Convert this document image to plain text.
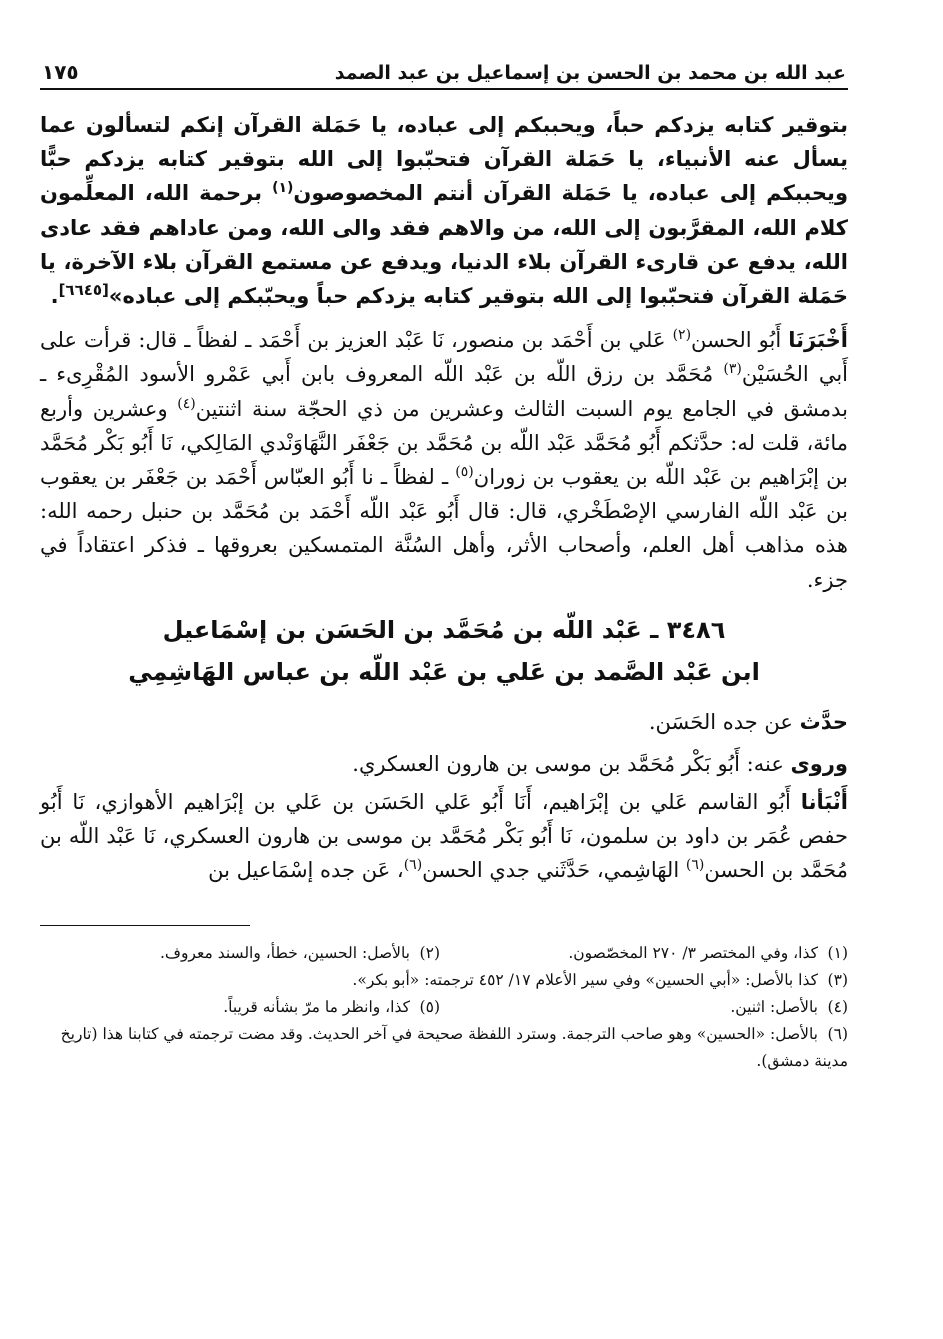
عبد الله بن محمد بن الحسن بن إسماعيل بن عبد الصمد
١٧٥

بتوقير كتابه يزدكم حباً، ويحببكم إلى عباده، يا حَمَلة القرآن إنكم لتسألون عما يسأل عنه الأنبياء، يا حَمَلة القرآن فتحبّبوا إلى الله بتوقير كتابه يزدكم حبًّا ويحببكم إلى عباده، يا حَمَلة القرآن أنتم المخصوصون$^{(١)}$ برحمة الله، المعلِّمون كلام الله، المقرَّبون إلى الله، من والاهم فقد والى الله، ومن عاداهم فقد عادى الله، يدفع عن قارىء القرآن بلاء الدنيا، ويدفع عن مستمع القرآن بلاء الآخرة، يا حَمَلة القرآن فتحبّبوا إلى الله بتوقير كتابه يزدكم حباً ويحبّبكم إلى عباده»[٦٦٤٥].

أَخْبَرَنَا أَبُو الحسن$^{(٢)}$ عَلي بن أَحْمَد بن منصور، نَا عَبْد العزيز بن أَحْمَد ـ لفظاً ـ قال: قرأت على أَبي الحُسَيْن$^{(٣)}$ مُحَمَّد بن رزق اللّه بن عَبْد اللّه المعروف بابن أَبي عَمْرو الأسود المُقْرِىء ـ بدمشق في الجامع يوم السبت الثالث وعشرين من ذي الحجّة سنة اثنتين$^{(٤)}$ وعشرين وأربع مائة، قلت له: حدَّثكم أَبُو مُحَمَّد عَبْد اللّه بن مُحَمَّد بن جَعْفَر النَّهَاوَنْدي المَالِكي، نَا أَبُو بَكْر مُحَمَّد بن إبْرَاهيم بن عَبْد اللّه بن يعقوب بن زوران$^{(٥)}$ ـ لفظاً ـ نا أَبُو العبّاس أَحْمَد بن جَعْفَر بن يعقوب بن عَبْد اللّه الفارسي الإصْطَخْري، قال: قال أَبُو عَبْد اللّه أَحْمَد بن مُحَمَّد بن حنبل رحمه الله: هذه مذاهب أهل العلم، وأصحاب الأثر، وأهل السُنَّة المتمسكين بعروقها ـ فذكر اعتقاداً في جزء.

٣٤٨٦ ـ عَبْد اللّه بن مُحَمَّد بن الحَسَن بن إسْمَاعيل
ابن عَبْد الصَّمد بن عَلي بن عَبْد اللّه بن عباس الهَاشِمِي

حدَّث عن جده الحَسَن.

وروى عنه: أَبُو بَكْر مُحَمَّد بن موسى بن هارون العسكري.

أَنْبَأنا أَبُو القاسم عَلي بن إبْرَاهيم، أَنَا أَبُو عَلي الحَسَن بن عَلي بن إبْرَاهيم الأهوازي، نَا أَبُو حفص عُمَر بن داود بن سلمون، نَا أَبُو بَكْر مُحَمَّد بن موسى بن هارون العسكري، نَا عَبْد اللّه بن مُحَمَّد بن الحسن$^{(٦)}$ الهَاشِمي، حَدَّثَني جدي الحسن$^{(٦)}$، عَن جده إسْمَاعيل بن

(١)كذا، وفي المختصر ٣/ ٢٧٠ المخصّصون.
(٢)بالأصل: الحسين، خطأ، والسند معروف.
(٣)كذا بالأصل: «أبي الحسين» وفي سير الأعلام ١٧/ ٤٥٢ ترجمته: «أبو بكر».
(٤)بالأصل: اثنين.
(٥)كذا، وانظر ما مرّ بشأنه قريباً.
(٦)بالأصل: «الحسين» وهو صاحب الترجمة. وسترد اللفظة صحيحة في آخر الحديث. وقد مضت ترجمته في كتابنا هذا (تاريخ مدينة دمشق).
